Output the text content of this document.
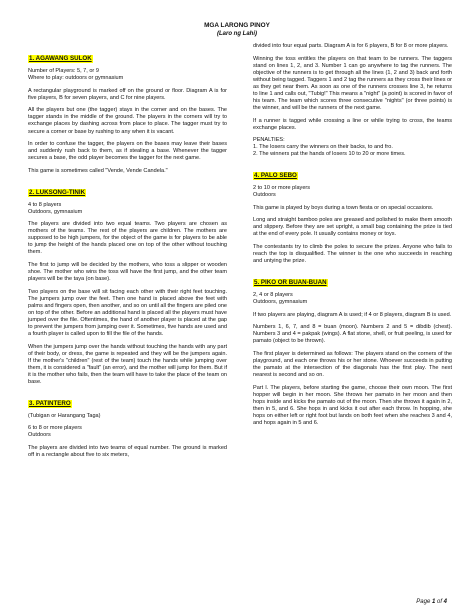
MGA LARONG PINOY
(Laro ng Lahi)
1. AGAWANG SULOK

Number of Players: 5, 7, or 9

Where to play: outdoors or gymnasium

A rectangular playground is marked off on the ground or floor. Diagram A is for five players, B for seven players, and C for nine players.

All the players but one (the tagger) stays in the corner and on the bases. The tagger stands in the middle of the ground. The players in the corners will try to exchange places by dashing across from place to place. The tagger must try to secure a corner or base by rushing to any when it is vacant.

In order to confuse the tagger, the players on the bases may leave their bases and suddenly rush back to them, as if stealing a base. Whenever the tagger secures a base, the odd player becomes the tagger for the next game.

This game is sometimes called "Vende, Vende Candela."

2. LUKSONG-TINIK

4 to 8 players

Outdoors, gymnasium

The players are divided into two equal teams. Two players are chosen as mothers of the teams. The rest of the players are children. The mothers are supposed to be high jumpers, for the object of the game is for players to be able to jump the height of the hands placed one on top of the other without touching them.

The first to jump will be decided by the mothers, who toss a slipper or wooden shoe. The mother who wins the toss will have the first jump, and the other team players will be the taya (on base).

Two players on the base will sit facing each other with their right feet touching. The jumpers jump over the feet. Then one hand is placed above the feet with palms and fingers open, then another, and so on until all the fingers are piled one on top of the other. Before an additional hand is placed all the players must have jumped over the file. Oftentimes, the hand of another player is placed at the gap to prevent the jumpers from jumping over it. Sometimes, five hands are used and a fourth player is called upon to fill the file of the hands.

When the jumpers jump over the hands without touching the hands with any part of their body, or dress, the game is repeated and they will be the jumpers again. If the mother's "children" (rest of the team) touch the hands while jumping over them, it is considered a "fault" (an error), and the mother will jump for them. But if it is the mother who fails, then the team will have to take the place of the team on base.

3. PATINTERO

(Tubigan or Harangang Taga)

6 to 8 or more players

Outdoors

The players are divided into two teams of equal number. The ground is marked off in a rectangle about five to six meters,

divided into four equal parts. Diagram A is for 6 players, B for 8 or more players.

Winning the toss entitles the players on that team to be runners. The taggers stand on lines 1, 2, and 3. Number 1 can go anywhere to tag the runners. The objective of the runners is to get through all the lines (1, 2 and 3) back and forth without being tagged. Taggers 1 and 2 tag the runners as they cross their lines or as they get near them. As soon as one of the runners crosses line 3, he returns to line 1 and calls out, "Tubig!" This means a "night" (a point) is scored in favor of his team. The team which scores three consecutive "nights" (or three points) is the winner, and will be the runners of the next game.

If a runner is tagged while crossing a line or while trying to cross, the teams exchange places.

PENALTIES:

1. The losers carry the winners on their backs, to and fro.

2. The winners pat the hands of losers 10 to 20 or more times.

4. PALO SEBO

2 to 10 or more players

Outdoors

This game is played by boys during a town fiesta or on special occasions.

Long and straight bamboo poles are greased and polished to make them smooth and slippery. Before they are set upright, a small bag containing the prize is tied at the end of every pole. It usually contains money or toys.

The contestants try to climb the poles to secure the prizes. Anyone who fails to reach the top is disqualified. The winner is the one who succeeds in reaching and untying the prize.

5. PIKO OR BUAN-BUAN

2, 4 or 8 players

Outdoors, gymnasium

If two players are playing, diagram A is used; if 4 or 8 players, diagram B is used.

Numbers 1, 6, 7, and 8 = buan (moon). Numbers 2 and 5 = dibdib (chest). Numbers 3 and 4 = pakpak (wings). A flat stone, shell, or fruit peeling, is used for pamato (object to be thrown).

The first player is determined as follows: The players stand on the corners of the playground, and each one throws his or her stone. Whoever succeeds in putting the pamato at the intersection of the diagonals has the first play. The next nearest is second and so on.

Part I. The players, before starting the game, choose their own moon. The first hopper will begin in her moon. She throws her pamato in her moon and then hops inside and kicks the pamato out of the moon. Then she throws it again in 2, then in 5, and 6. She hops in and kicks it out after each throw. In hopping, she hops on either left or right foot but lands on both feet when she reaches 3 and 4, and hops again in 5 and 6.

Page 1 of 4
